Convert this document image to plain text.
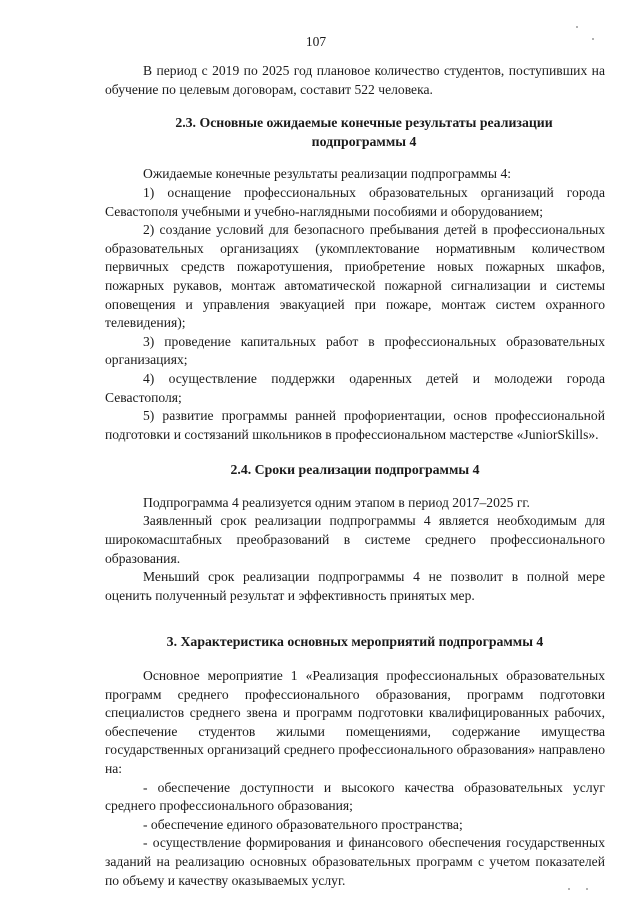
107

В период с 2019 по 2025 год плановое количество студентов, поступивших на обучение по целевым договорам, составит 522 человека.

2.3. Основные ожидаемые конечные результаты реализации
подпрограммы 4

Ожидаемые конечные результаты реализации подпрограммы 4:

1) оснащение профессиональных образовательных организаций города Севастополя учебными и учебно-наглядными пособиями и оборудованием;

2) создание условий для безопасного пребывания детей в профессиональных образовательных организациях (укомплектование нормативным количеством первичных средств пожаротушения, приобретение новых пожарных шкафов, пожарных рукавов, монтаж автоматической пожарной сигнализации и системы оповещения и управления эвакуацией при пожаре, монтаж систем охранного телевидения);

3) проведение капитальных работ в профессиональных образовательных организациях;

4) осуществление поддержки одаренных детей и молодежи города Севастополя;

5) развитие программы ранней профориентации, основ профессиональной подготовки и состязаний школьников в профессиональном мастерстве «JuniorSkills».

2.4. Сроки реализации подпрограммы 4

Подпрограмма 4 реализуется одним этапом в период 2017–2025 гг.

Заявленный срок реализации подпрограммы 4 является необходимым для широкомасштабных преобразований в системе среднего профессионального образования.

Меньший срок реализации подпрограммы 4 не позволит в полной мере оценить полученный результат и эффективность принятых мер.

3. Характеристика основных мероприятий подпрограммы 4

Основное мероприятие 1 «Реализация профессиональных образовательных программ среднего профессионального образования, программ подготовки специалистов среднего звена и программ подготовки квалифицированных рабочих, обеспечение студентов жилыми помещениями, содержание имущества государственных организаций среднего профессионального образования» направлено на:

- обеспечение доступности и высокого качества образовательных услуг среднего профессионального образования;

- обеспечение единого образовательного пространства;

- осуществление формирования и финансового обеспечения государственных заданий на реализацию основных образовательных программ с учетом показателей по объему и качеству оказываемых услуг.
